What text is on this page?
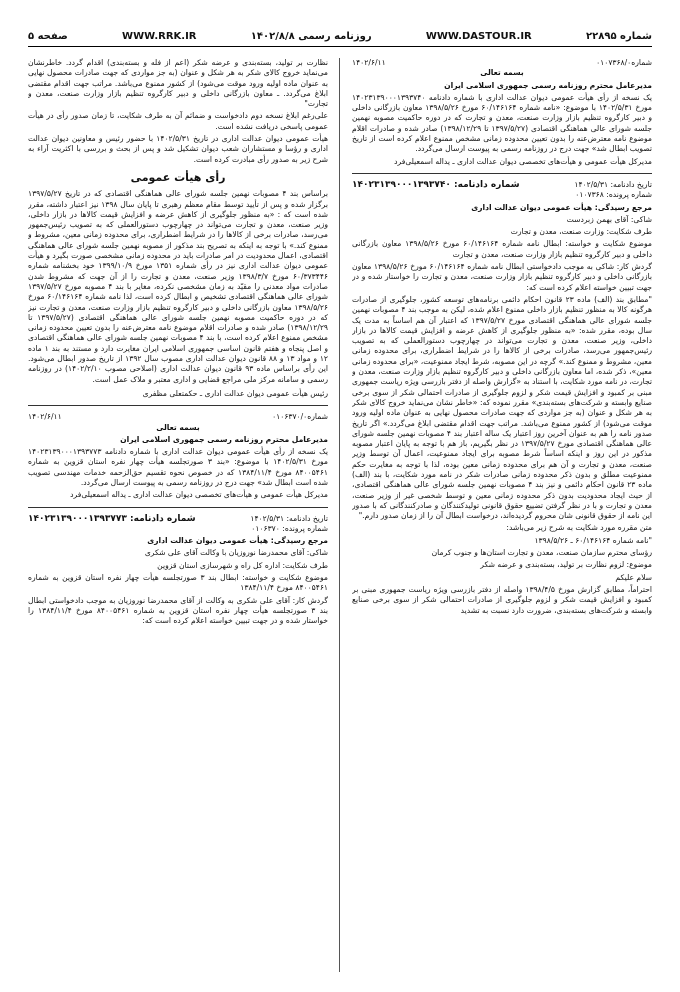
شماره ۲۲۸۹۵
WWW.DASTOUR.IR
روزنامه رسمی ۱۴۰۲/۸/۸
WWW.RRK.IR
صفحه ۵
شماره۰۱۰۷۳۶۸/۰
۱۴۰۲/۶/۱۱

بسمه تعالی

مدیرعامل محترم روزنامه رسمی جمهوری اسلامی ایران

یک نسخه از رأی هیأت عمومی دیوان عدالت اداری با شماره دادنامه ۱۴۰۲۳۱۳۹۰۰۰۱۳۹۳۷۴۰ مورخ ۱۴۰۲/۵/۳۱ با موضوع: «نامه شماره ۶۰/۱۴۶۱۶۴ مورخ ۱۳۹۸/۵/۲۶ معاون بازرگانی داخلی و دبیر کارگروه تنظیم بازار وزارت صنعت، معدن و تجارت که در دوره حاکمیت مصوبه نهمین جلسه شورای عالی هماهنگی اقتصادی (۱۳۹۷/۵/۲۷ تا ۱۳۹۸/۱۲/۲۹) صادر شده و صادرات اقلام موضوع نامه معترض‌عنه را بدون تعیین محدوده زمانی مشخص ممنوع اعلام کرده است از تاریخ تصویب ابطال شد» جهت درج در روزنامه رسمی به پیوست ارسال می‌گردد.

مدیرکل هیأت عمومی و هیأت‌های تخصصی دیوان عدالت اداری ـ یداله اسمعیلی‌فرد

تاریخ دادنامه: ۱۴۰۲/۵/۳۱
شماره دادنامه: ۱۴۰۲۳۱۳۹۰۰۰۱۳۹۳۷۴۰

شماره پرونده: ۰۱۰۷۳۶۸

مرجع رسیدگی: هیأت عمومی دیوان عدالت اداری

شاکی: آقای بهمن زبردست

طرف شکایت: وزارت صنعت، معدن و تجارت

موضوع شکایت و خواسته: ابطال نامه شماره ۶۰/۱۴۶۱۶۴ مورخ ۱۳۹۸/۵/۲۶ معاون بازرگانی داخلی و دبیر کارگروه تنظیم بازار وزارت صنعت، معدن و تجارت

گردش کار: شاکی به موجب دادخواستی ابطال نامه شماره ۶۰/۱۴۶۱۶۴ مورخ ۱۳۹۸/۵/۲۶ معاون بازرگانی داخلی و دبیر کارگروه تنظیم بازار وزارت صنعت، معدن و تجارت را خواستار شده و در جهت تبیین خواسته اعلام کرده است که:

"مطابق بند (الف) ماده ۲۳ قانون احکام دائمی برنامه‌های توسعه کشور، جلوگیری از صادرات هرگونه کالا به منظور تنظیم بازار داخلی ممنوع اعلام شده، لیکن به موجب بند ۴ مصوبات نهمین جلسه شورای عالی هماهنگی اقتصادی مورخ ۱۳۹۷/۵/۲۷ که اعتبار آن هم اساساً به مدت یک سال بوده، مقرر شده: «به منظور جلوگیری از کاهش عرضه و افزایش قیمت کالاها در بازار داخلی، وزیر صنعت، معدن و تجارت می‌تواند در چهارچوب دستورالعملی که به تصویب رئیس‌جمهور می‌رسد، صادرات برخی از کالاها را در شرایط اضطراری، برای محدوده زمانی معین، مشروط و ممنوع کند.» گرچه در این مصوبه، شرط ایجاد ممنوعیت، «برای محدوده زمانی معین»، ذکر شده، اما معاون بازرگانی داخلی و دبیر کارگروه تنظیم بازار وزارت صنعت، معدن و تجارت، در نامه مورد شکایت، با استناد به «گزارش واصله از دفتر بازرسی ویژه ریاست جمهوری مبنی بر کمبود و افزایش قیمت شکر و لزوم جلوگیری از صادرات احتمالی شکر از سوی برخی صنایع وابسته و شرکت‌های بسته‌بندی» مقرر نموده که: «خاطر نشان می‌نماید خروج کالای شکر به هر شکل و عنوان (به جز مواردی که جهت صادرات محصول نهایی به عنوان ماده اولیه ورود موقت می‌شود) از کشور ممنوع می‌باشد. مراتب جهت اقدام مقتضی ابلاغ می‌گردد.» اگر تاریخ صدور نامه را هم به عنوان آخرین روز اعتبار یک ساله اعتبار بند ۴ مصوبات نهمین جلسه شورای عالی هماهنگی اقتصادی مورخ ۱۳۹۷/۵/۲۷ در نظر بگیریم، باز هم با توجه به پایان اعتبار مصوبه مذکور در این روز و اینکه اساساً شرط مصوبه برای ایجاد ممنوعیت، اعمال آن توسط وزیر صنعت، معدن و تجارت و آن هم برای محدوده زمانی معین بوده، لذا با توجه به مغایرت حکم ممنوعیت مطلق و بدون ذکر محدوده زمانی صادرات شکر در نامه مورد شکایت، با بند (الف) ماده ۲۳ قانون احکام دائمی و نیز بند ۴ مصوبات نهمین جلسه شورای عالی هماهنگی اقتصادی، از حیث ایجاد محدودیت بدون ذکر محدوده زمانی معین و توسط شخصی غیر از وزیر صنعت، معدن و تجارت و با در نظر گرفتن تضییع حقوق قانونی تولیدکنندگان و صادرکنندگانی که با صدور این نامه از حقوق قانونی شان محروم گردیده‌اند، درخواست ابطال آن را از زمان صدور دارم."

متن مقرره مورد شکایت به شرح زیر می‌باشد:

"نامه شماره ۶۰/۱۴۶۱۶۴ ـ ۱۳۹۸/۵/۲۶

رؤسای محترم سازمان صنعت، معدن و تجارت استان‌ها و جنوب کرمان

موضوع: لزوم نظارت بر تولید، بسته‌بندی و عرضه شکر

سلام علیکم

احتراماً، مطابق گزارش مورخ ۱۳۹۸/۴/۵ واصله از دفتر بازرسی ویژه ریاست جمهوری مبنی بر کمبود و افزایش قیمت شکر و لزوم جلوگیری از صادرات احتمالی شکر از سوی برخی صنایع وابسته و شرکت‌های بسته‌بندی، ضرورت دارد نسبت به تشدید

نظارت بر تولید، بسته‌بندی و عرضه شکر (اعم از فله و بسته‌بندی) اقدام گردد. خاطرنشان می‌نماید خروج کالای شکر به هر شکل و عنوان (به جز مواردی که جهت صادرات محصول نهایی به عنوان ماده اولیه ورود موقت می‌شود) از کشور ممنوع می‌باشد. مراتب جهت اقدام مقتضی ابلاغ می‌گردد. ـ معاون بازرگانی داخلی و دبیر کارگروه تنظیم بازار وزارت صنعت، معدن و تجارت"

علی‌رغم ابلاغ نسخه دوم دادخواست و ضمائم آن به طرف شکایت، تا زمان صدور رأی در هیأت عمومی پاسخی دریافت نشده است.

هیأت عمومی دیوان عدالت اداری در تاریخ ۱۴۰۲/۵/۳۱ با حضور رئیس و معاونین دیوان عدالت اداری و رؤسا و مستشاران شعب دیوان تشکیل شد و پس از بحث و بررسی با اکثریت آراء به شرح زیر به صدور رأی مبادرت کرده است.

رأی هیأت عمومی

براساس بند ۴ مصوبات نهمین جلسه شورای عالی هماهنگی اقتصادی که در تاریخ ۱۳۹۷/۵/۲۷ برگزار شده و پس از تأیید توسط مقام معظم رهبری تا پایان سال ۱۳۹۸ نیز اعتبار داشته، مقرر شده است که : «به منظور جلوگیری از کاهش عرضه و افزایش قیمت کالاها در بازار داخلی، وزیر صنعت، معدن و تجارت می‌تواند در چهارچوب دستورالعملی که به تصویب رئیس‌جمهور می‌رسد، صادرات برخی از کالاها را در شرایط اضطراری، برای محدوده زمانی معین، مشروط و ممنوع کند.» با توجه به اینکه به تصریح بند مذکور از مصوبه نهمین جلسه شورای عالی هماهنگی اقتصادی، اعمال محدودیت در امر صادرات باید در محدوده زمانی مشخصی صورت بگیرد و هیأت عمومی دیوان عدالت اداری نیز در رأی شماره ۱۳۵۱ مورخ ۱۳۹۹/۱۰/۹ خود بخشنامه شماره ۶۰/۳۷۳۴۴۶ مورخ ۱۳۹۸/۳/۷ وزیر صنعت، معدن و تجارت را از آن جهت که مشروط شدن صادرات مواد معدنی را مقیّد به زمان مشخصی نکرده، مغایر با بند ۴ مصوبه مورخ ۱۳۹۷/۵/۲۷ شورای عالی هماهنگی اقتصادی تشخیص و ابطال کرده است، لذا نامه شماره ۶۰/۱۴۶۱۶۴ مورخ ۱۳۹۸/۵/۲۶ معاون بازرگانی داخلی و دبیر کارگروه تنظیم بازار وزارت صنعت، معدن و تجارت نیز که در دوره حاکمیت مصوبه نهمین جلسه شورای عالی هماهنگی اقتصادی (۱۳۹۷/۵/۲۷ تا ۱۳۹۸/۱۲/۲۹) صادر شده و صادرات اقلام موضوع نامه معترض‌عنه را بدون تعیین محدوده زمانی مشخص ممنوع اعلام کرده است، با بند ۴ مصوبات نهمین جلسه شورای عالی هماهنگی اقتصادی و اصل پنجاه و هفتم قانون اساسی جمهوری اسلامی ایران مغایرت دارد و مستند به بند ۱ ماده ۱۲ و مواد ۱۳ و ۸۸ قانون دیوان عدالت اداری مصوب سال ۱۳۹۲ از تاریخ صدور ابطال می‌شود. این رأی براساس ماده ۹۳ قانون دیوان عدالت اداری (اصلاحی مصوب ۱۴۰۲/۲/۱۰) در روزنامه رسمی و سامانه مرکز ملی مراجع قضایی و اداری معتبر و ملاک عمل است.

رئیس هیأت عمومی دیوان عدالت اداری ـ حکمتعلی مظفری

شماره۰۱۰۶۳۷۰/۰
۱۴۰۲/۶/۱۱

بسمه تعالی

مدیرعامل محترم روزنامه رسمی جمهوری اسلامی ایران

یک نسخه از رأی هیأت عمومی دیوان عدالت اداری با شماره دادنامه ۱۴۰۲۳۱۳۹۰۰۰۱۳۹۳۷۷۳ مورخ ۱۴۰۲/۵/۳۱ با موضوع: «بند ۳ صورتجلسه هیأت چهار نفره استان قزوین به شماره ۸۴۰۰۵۴۶۱ مورخ ۱۳۸۴/۱۱/۴ که در خصوص نحوه تقسیم حق‌الزحمه خدمات مهندسی تصویب شده است ابطال شد» جهت درج در روزنامه رسمی به پیوست ارسال می‌گردد.

مدیرکل هیأت عمومی و هیأت‌های تخصصی دیوان عدالت اداری ـ یداله اسمعیلی‌فرد

تاریخ دادنامه: ۱۴۰۲/۵/۳۱
شماره دادنامه: ۱۴۰۲۳۱۳۹۰۰۰۱۳۹۳۷۷۳

شماره پرونده: ۰۱۰۶۳۷۰

مرجع رسیدگی: هیأت عمومی دیوان عدالت اداری

شاکی: آقای محمدرضا نوروزیان با وکالت آقای علی شکری

طرف شکایت: اداره کل راه و شهرسازی استان قزوین

موضوع شکایت و خواسته: ابطال بند ۳ صورتجلسه هیأت چهار نفره استان قزوین به شماره ۸۴۰۰۵۴۶۱ مورخ ۱۳۸۴/۱۱/۴

گردش کار: آقای علی شکری به وکالت از آقای محمدرضا نوروزیان به موجب دادخواستی ابطال بند ۳ صورتجلسه هیأت چهار نفره استان قزوین به شماره ۸۴۰۰۵۴۶۱ مورخ ۱۳۸۴/۱۱/۴ را خواستار شده و در جهت تبیین خواسته اعلام کرده است که:
